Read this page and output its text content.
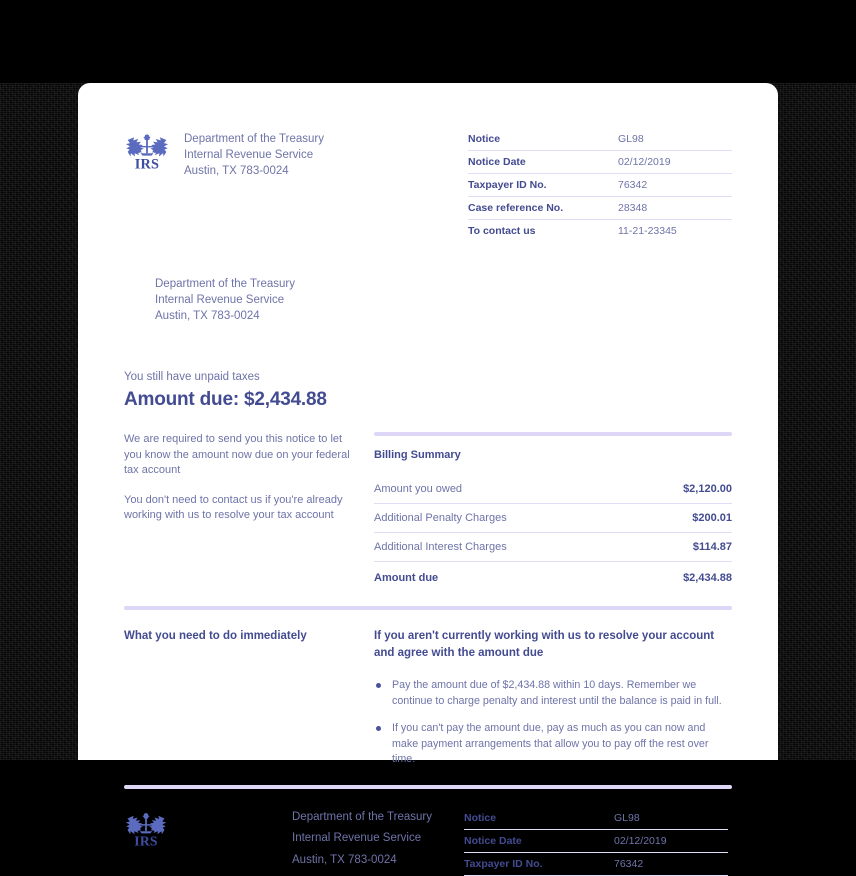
IRS
Department of the Treasury
Internal Revenue Service
Austin, TX 783-0024
Notice	GL98
Notice Date	02/12/2019
Taxpayer ID No.	76342
Case reference No.	28348
To contact us	11-21-23345
Department of the Treasury
Internal Revenue Service
Austin, TX 783-0024
You still have unpaid taxes
Amount due: $2,434.88

We are required to send you this notice to let you know the amount now due on your federal tax account

You don't need to contact us if you're already working with us to resolve your tax account

Billing Summary
Amount you owed	$2,120.00
Additional Penalty Charges	$200.01
Additional Interest Charges	$114.87
Amount due	$2,434.88
What you need to do immediately	If you aren't currently working with us to resolve your account and agree with the amount due
Pay the amount due of $2,434.88 within 10 days. Remember we continue to charge penalty and interest until the balance is paid in full.
If you can't pay the amount due, pay as much as you can now and make payment arrangements that allow you to pay off the rest over time.
IRS
Department of the Treasury
Internal Revenue Service
Austin, TX 783-0024
Notice	GL98
Notice Date	02/12/2019
Taxpayer ID No.	76342
